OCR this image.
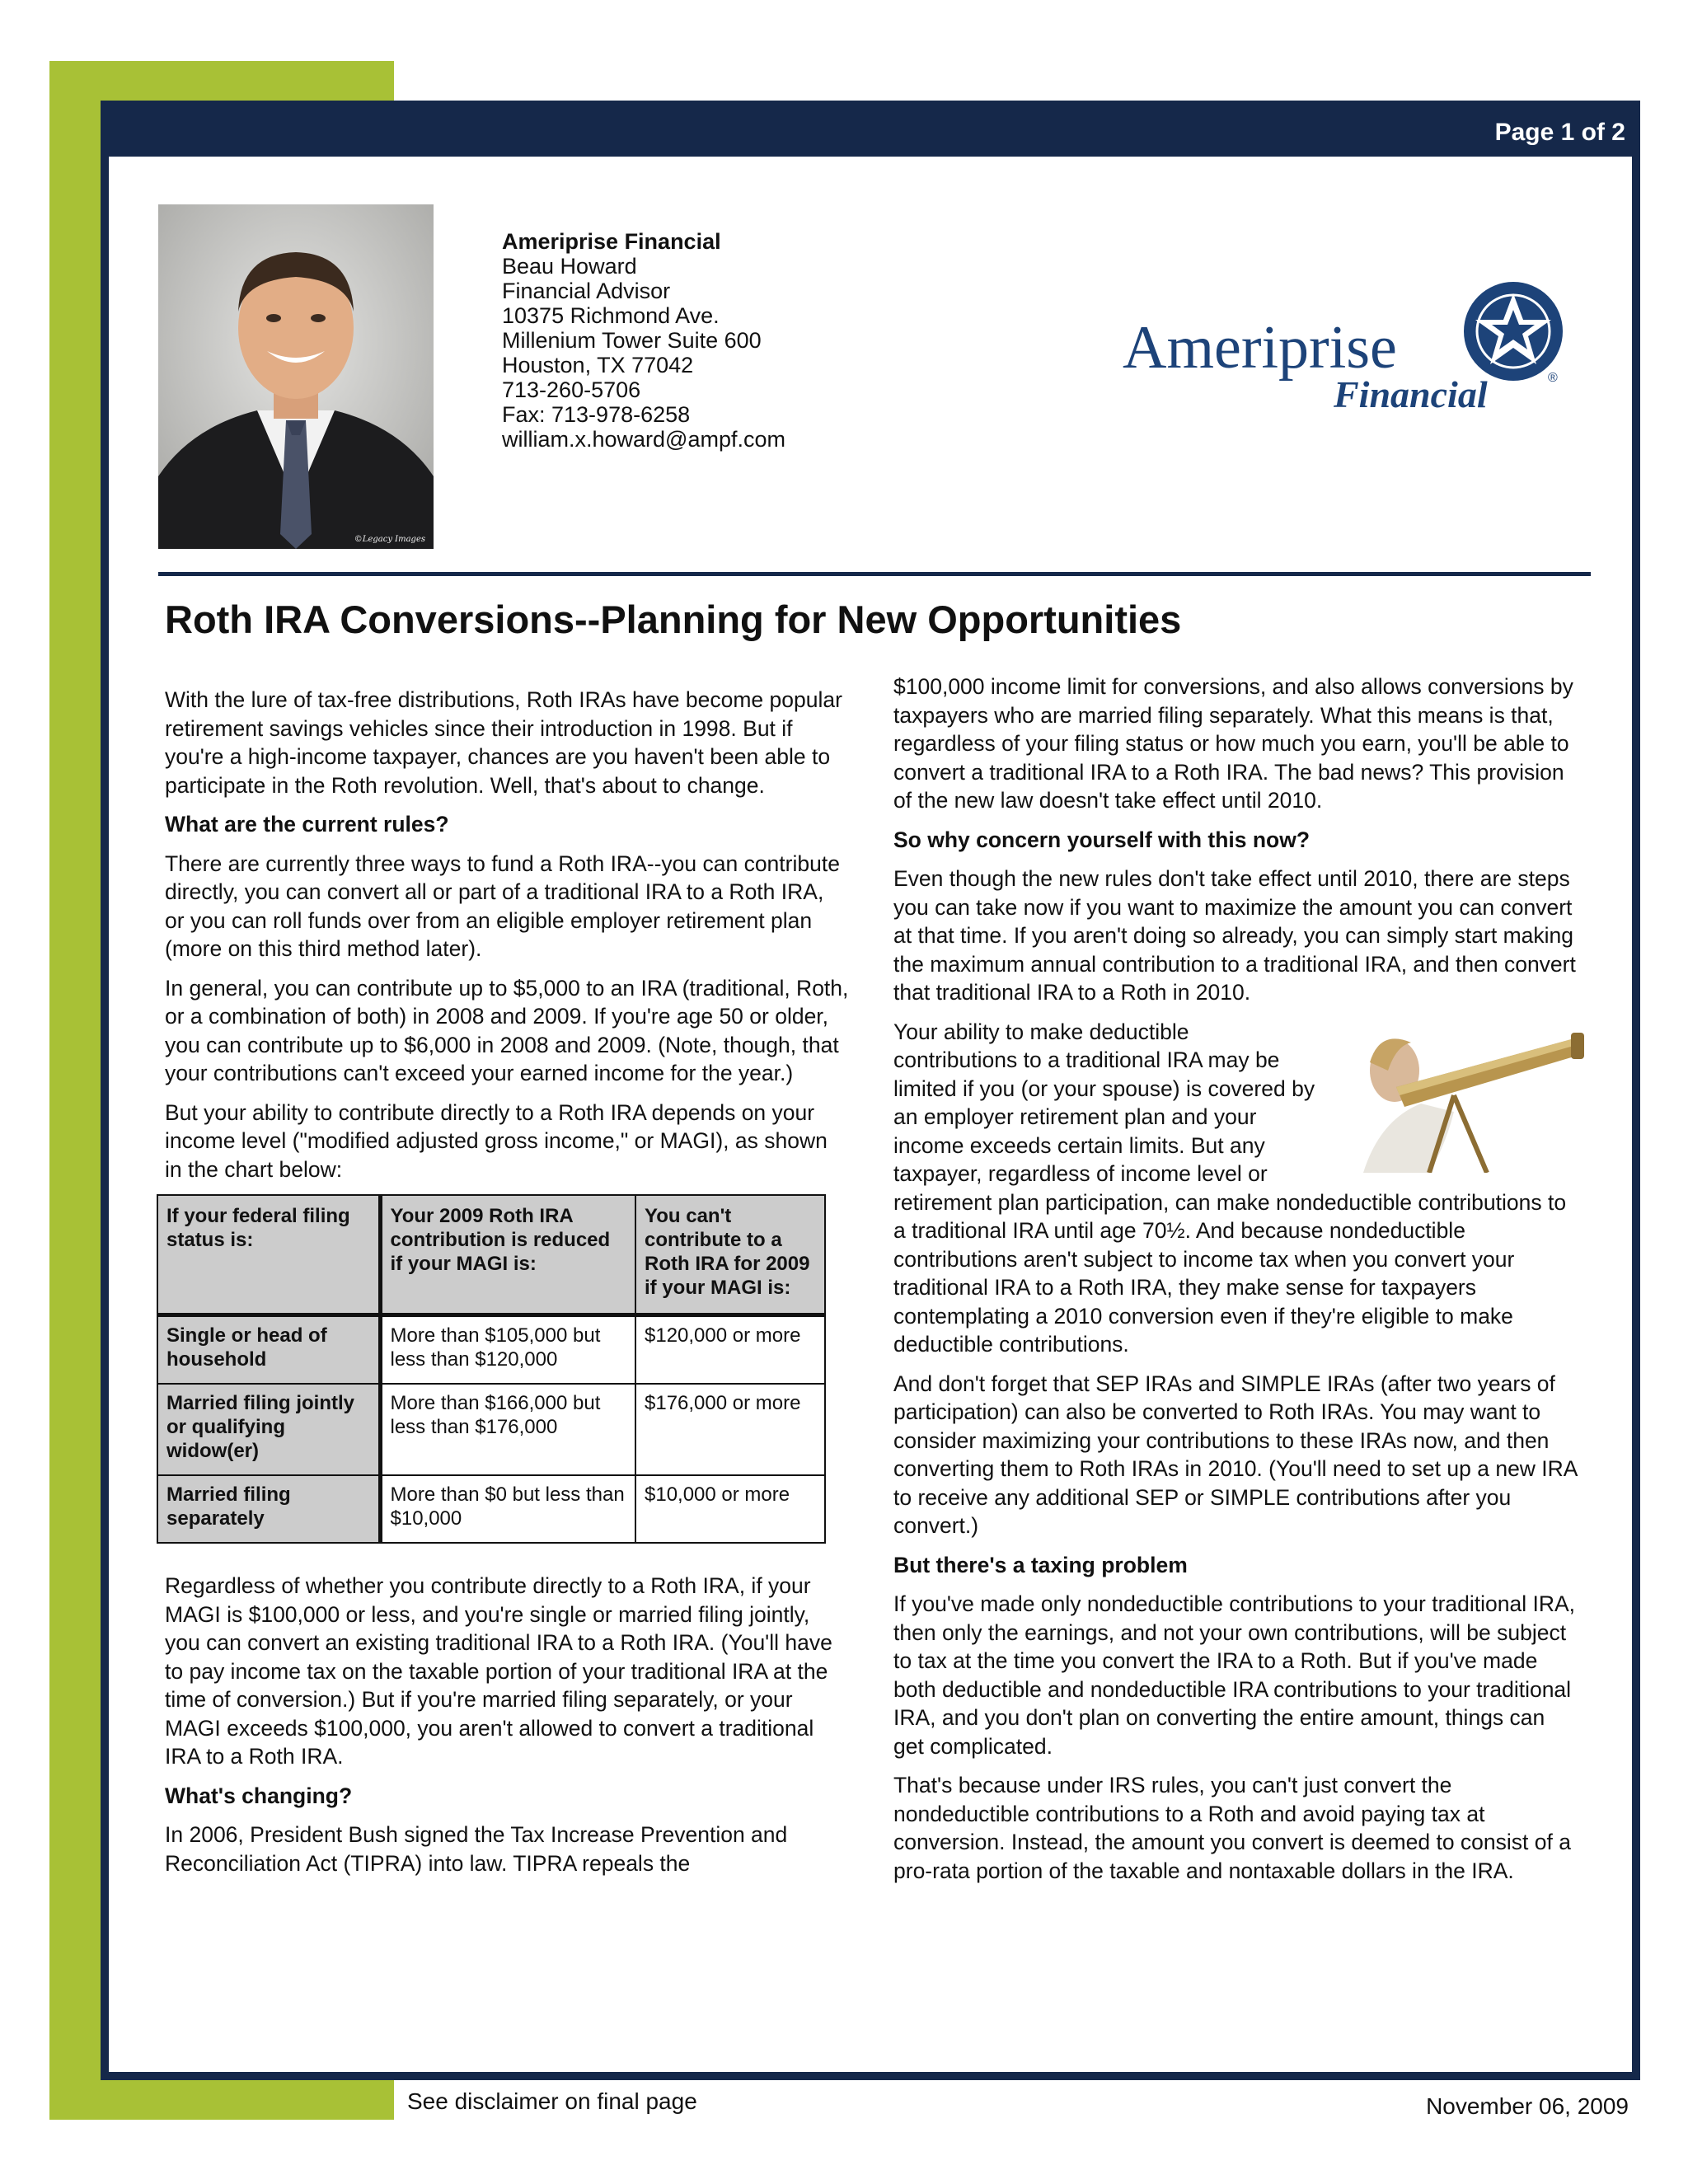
Page 1 of 2
©Legacy Images
Ameriprise Financial
Beau Howard
Financial Advisor
10375 Richmond Ave.
Millenium Tower Suite 600
Houston, TX 77042
713-260-5706
Fax: 713-978-6258
william.x.howard@ampf.com
Ameriprise
Financial	®
Roth IRA Conversions--Planning for New Opportunities

With the lure of tax-free distributions, Roth IRAs have become popular retirement savings vehicles since their introduction in 1998. But if you're a high-income taxpayer, chances are you haven't been able to participate in the Roth revolution. Well, that's about to change.

What are the current rules?

There are currently three ways to fund a Roth IRA--you can contribute directly, you can convert all or part of a traditional IRA to a Roth IRA, or you can roll funds over from an eligible employer retirement plan (more on this third method later).

In general, you can contribute up to $5,000 to an IRA (traditional, Roth, or a combination of both) in 2008 and 2009. If you're age 50 or older, you can contribute up to $6,000 in 2008 and 2009. (Note, though, that your contributions can't exceed your earned income for the year.)

But your ability to contribute directly to a Roth IRA depends on your income level ("modified adjusted gross income," or MAGI), as shown in the chart below:

If your federal filing status is:	Your 2009 Roth IRA contribution is reduced if your MAGI is:	You can't contribute to a Roth IRA for 2009 if your MAGI is:
Single or head of household	More than $105,000 but less than $120,000	$120,000 or more
Married filing jointly or qualifying widow(er)	More than $166,000 but less than $176,000	$176,000 or more
Married filing separately	More than $0 but less than $10,000	$10,000 or more

Regardless of whether you contribute directly to a Roth IRA, if your MAGI is $100,000 or less, and you're single or married filing jointly, you can convert an existing traditional IRA to a Roth IRA. (You'll have to pay income tax on the taxable portion of your traditional IRA at the time of conversion.) But if you're married filing separately, or your MAGI exceeds $100,000, you aren't allowed to convert a traditional IRA to a Roth IRA.

What's changing?

In 2006, President Bush signed the Tax Increase Prevention and Reconciliation Act (TIPRA) into law. TIPRA repeals the

$100,000 income limit for conversions, and also allows conversions by taxpayers who are married filing separately. What this means is that, regardless of your filing status or how much you earn, you'll be able to convert a traditional IRA to a Roth IRA. The bad news? This provision of the new law doesn't take effect until 2010.

So why concern yourself with this now?

Even though the new rules don't take effect until 2010, there are steps you can take now if you want to maximize the amount you can convert at that time. If you aren't doing so already, you can simply start making the maximum annual contribution to a traditional IRA, and then convert that traditional IRA to a Roth in 2010.

Your ability to make deductible contributions to a traditional IRA may be limited if you (or your spouse) is covered by an employer retirement plan and your income exceeds certain limits. But any taxpayer, regardless of income level or retirement plan participation, can make nondeductible contributions to a traditional IRA until age 70½. And because nondeductible contributions aren't subject to income tax when you convert your traditional IRA to a Roth IRA, they make sense for taxpayers contemplating a 2010 conversion even if they're eligible to make deductible contributions.

And don't forget that SEP IRAs and SIMPLE IRAs (after two years of participation) can also be converted to Roth IRAs. You may want to consider maximizing your contributions to these IRAs now, and then converting them to Roth IRAs in 2010. (You'll need to set up a new IRA to receive any additional SEP or SIMPLE contributions after you convert.)

But there's a taxing problem

If you've made only nondeductible contributions to your traditional IRA, then only the earnings, and not your own contributions, will be subject to tax at the time you convert the IRA to a Roth. But if you've made both deductible and nondeductible IRA contributions to your traditional IRA, and you don't plan on converting the entire amount, things can get complicated.

That's because under IRS rules, you can't just convert the nondeductible contributions to a Roth and avoid paying tax at conversion. Instead, the amount you convert is deemed to consist of a pro-rata portion of the taxable and nontaxable dollars in the IRA.

See disclaimer on final page	November 06, 2009
